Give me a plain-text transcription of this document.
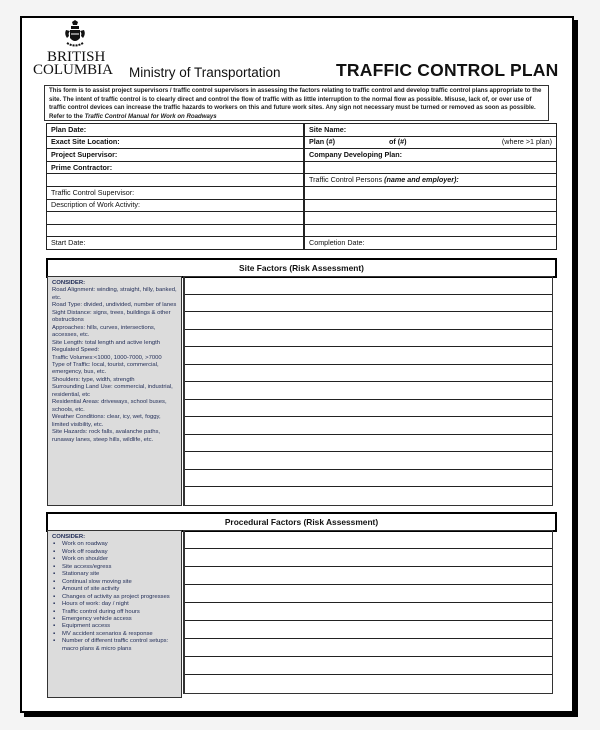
BRITISH
COLUMBIA Ministry of Transportation	TRAFFIC CONTROL PLAN
This form is to assist project supervisors / traffic control supervisors in assessing the factors relating to traffic control and develop traffic control plans appropriate to the site. The intent of traffic control is to clearly direct and control the flow of traffic with as little interruption to the normal flow as possible. Misuse, lack of, or over use of traffic control devices can increase the traffic hazards to workers on this and future work sites. Any sign not necessary must be turned or removed as soon as possible. Refer to the Traffic Control Manual for Work on Roadways
Plan Date:	Site Name:
Exact Site Location:	Plan (#) of (#) (where >1 plan)

Project Supervisor:	Company Developing Plan:
Prime Contractor:	
	Traffic Control Persons (name and employer):
Traffic Control Supervisor:	
Description of Work Activity:	

Start Date:	Completion Date:
Site Factors (Risk Assessment)
CONSIDER:
Road Alignment: winding, straight, hilly, banked, etc.
Road Type: divided, undivided, number of lanes
Sight Distance: signs, trees, buildings & other obstructions
Approaches: hills, curves, intersections, accesses, etc.
Site Length: total length and active length
Regulated Speed:
Traffic Volumes:<1000, 1000-7000, >7000
Type of Traffic: local, tourist, commercial, emergency, bus, etc.
Shoulders: type, width, strength
Surrounding Land Use: commercial, industrial, residential, etc
Residential Areas: driveways, school buses, schools, etc.
Weather Conditions: clear, icy, wet, foggy, limited visibility, etc.
Site Hazards: rock falls, avalanche paths, runaway lanes, steep hills, wildlife, etc.
Procedural Factors (Risk Assessment)
CONSIDER:
▪ Work on roadway
▪ Work off roadway
▪ Work on shoulder
▪ Site access/egress
▪ Stationary site
▪ Continual slow moving site
▪ Amount of site activity
▪ Changes of activity as project progresses
▪ Hours of work: day / night
▪ Traffic control during off hours
▪ Emergency vehicle access
▪ Equipment access
▪ MV accident scenarios & response
▪ Number of different traffic control setups: macro plans & micro plans
